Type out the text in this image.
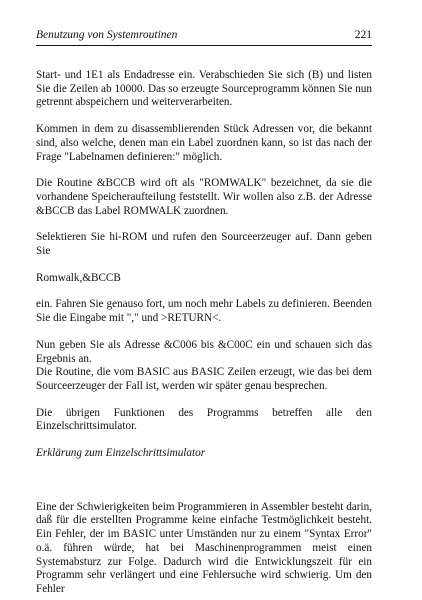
Benutzung von Systemroutinen	221

Start- und 1E1 als Endadresse ein. Verabschieden Sie sich (B) und listen Sie die Zeilen ab 10000. Das so erzeugte Sourceprogramm können Sie nun getrennt abspeichern und weiterverarbeiten.

Kommen in dem zu disassemblierenden Stück Adressen vor, die bekannt sind, also welche, denen man ein Label zuordnen kann, so ist das nach der Frage "Labelnamen definieren:" möglich.

Die Routine &BCCB wird oft als "ROMWALK" bezeichnet, da sie die vorhandene Speicheraufteilung feststellt. Wir wollen also z.B. der Adresse &BCCB das Label ROMWALK zuordnen.

Selektieren Sie hi-ROM und rufen den Sourceerzeuger auf. Dann geben Sie

Romwalk,&BCCB

ein. Fahren Sie genauso fort, um noch mehr Labels zu definieren. Beenden Sie die Eingabe mit "," und >RETURN<.

Nun geben Sie als Adresse &C006 bis &C00C ein und schauen sich das Ergebnis an.

Die Routine, die vom BASIC aus BASIC Zeilen erzeugt, wie das bei dem Sourceerzeuger der Fall ist, werden wir später genau besprechen.

Die übrigen Funktionen des Programms betreffen alle den Einzelschrittsimulator.

Erklärung zum Einzelschrittsimulator

Eine der Schwierigkeiten beim Programmieren in Assembler besteht darin, daß für die erstellten Programme keine einfache Testmöglichkeit besteht. Ein Fehler, der im BASIC unter Umständen nur zu einem "Syntax Error" o.ä. führen würde, hat bei Maschinenprogrammen meist einen Systemabsturz zur Folge. Dadurch wird die Entwicklungszeit für ein Programm sehr verlängert und eine Fehlersuche wird schwierig. Um den Fehler
